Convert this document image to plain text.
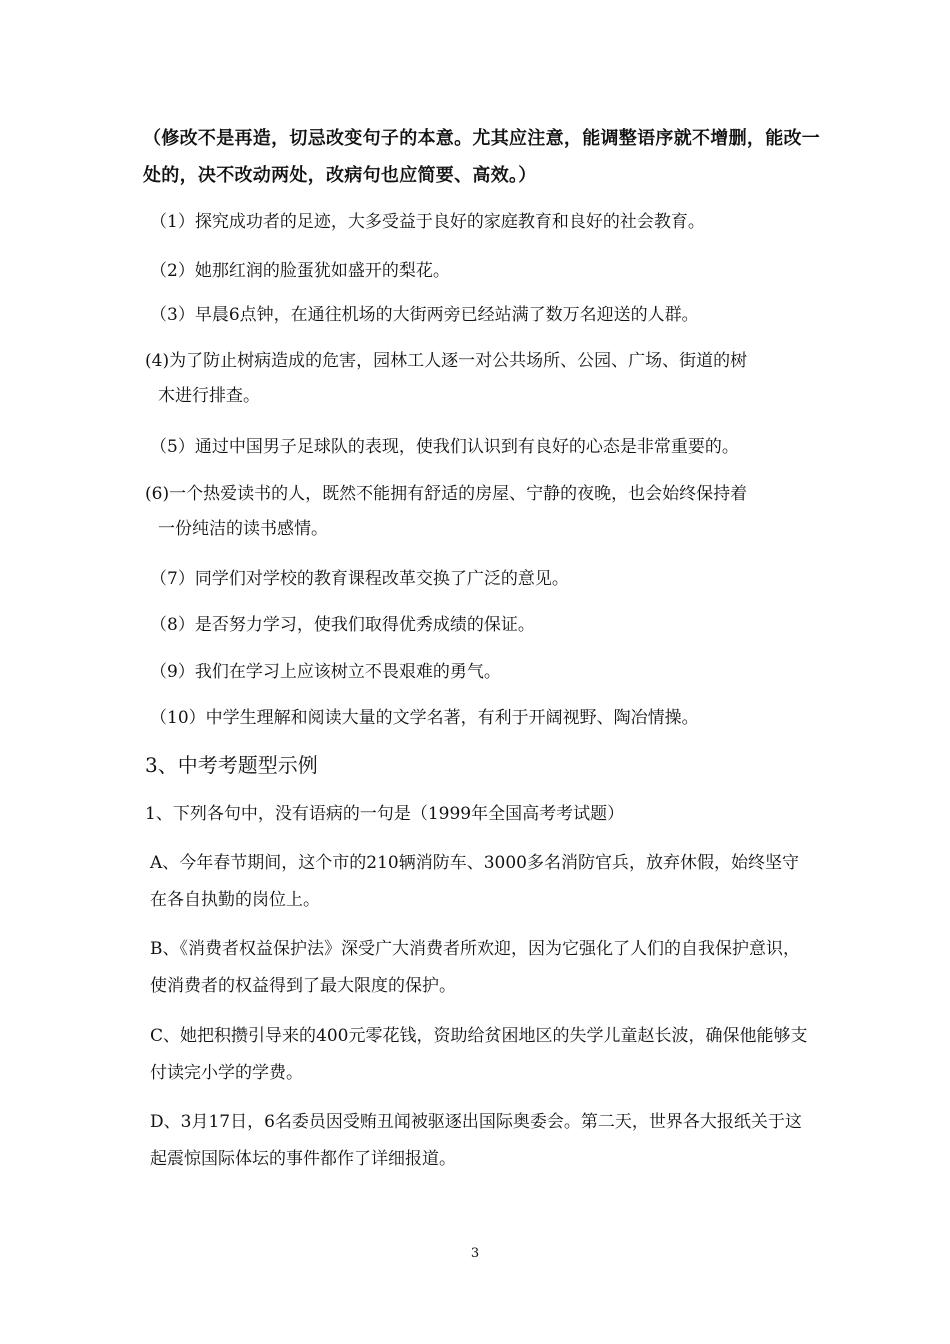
（修改不是再造，切忌改变句子的本意。尤其应注意，能调整语序就不增删，能改一处的，决不改动两处，改病句也应简要、高效。）
（1）探究成功者的足迹，大多受益于良好的家庭教育和良好的社会教育。
（2）她那红润的脸蛋犹如盛开的梨花。
（3）早晨6点钟，在通往机场的大街两旁已经站满了数万名迎送的人群。
(4)为了防止树病造成的危害，园林工人逐一对公共场所、公园、广场、街道的树
木进行排查。
（5）通过中国男子足球队的表现，使我们认识到有良好的心态是非常重要的。
(6)一个热爱读书的人，既然不能拥有舒适的房屋、宁静的夜晚，也会始终保持着
一份纯洁的读书感情。
（7）同学们对学校的教育课程改革交换了广泛的意见。
（8）是否努力学习，使我们取得优秀成绩的保证。
（9）我们在学习上应该树立不畏艰难的勇气。
（10）中学生理解和阅读大量的文学名著，有利于开阔视野、陶冶情操。
3、中考考题型示例
1、下列各句中，没有语病的一句是（1999年全国高考考试题）
A、今年春节期间，这个市的210辆消防车、3000多名消防官兵，放弃休假，始终坚守在各自执勤的岗位上。
B、《消费者权益保护法》深受广大消费者所欢迎，因为它强化了人们的自我保护意识，使消费者的权益得到了最大限度的保护。
C、她把积攒引导来的400元零花钱，资助给贫困地区的失学儿童赵长波，确保他能够支付读完小学的学费。
D、3月17日，6名委员因受贿丑闻被驱逐出国际奥委会。第二天，世界各大报纸关于这起震惊国际体坛的事件都作了详细报道。
3
